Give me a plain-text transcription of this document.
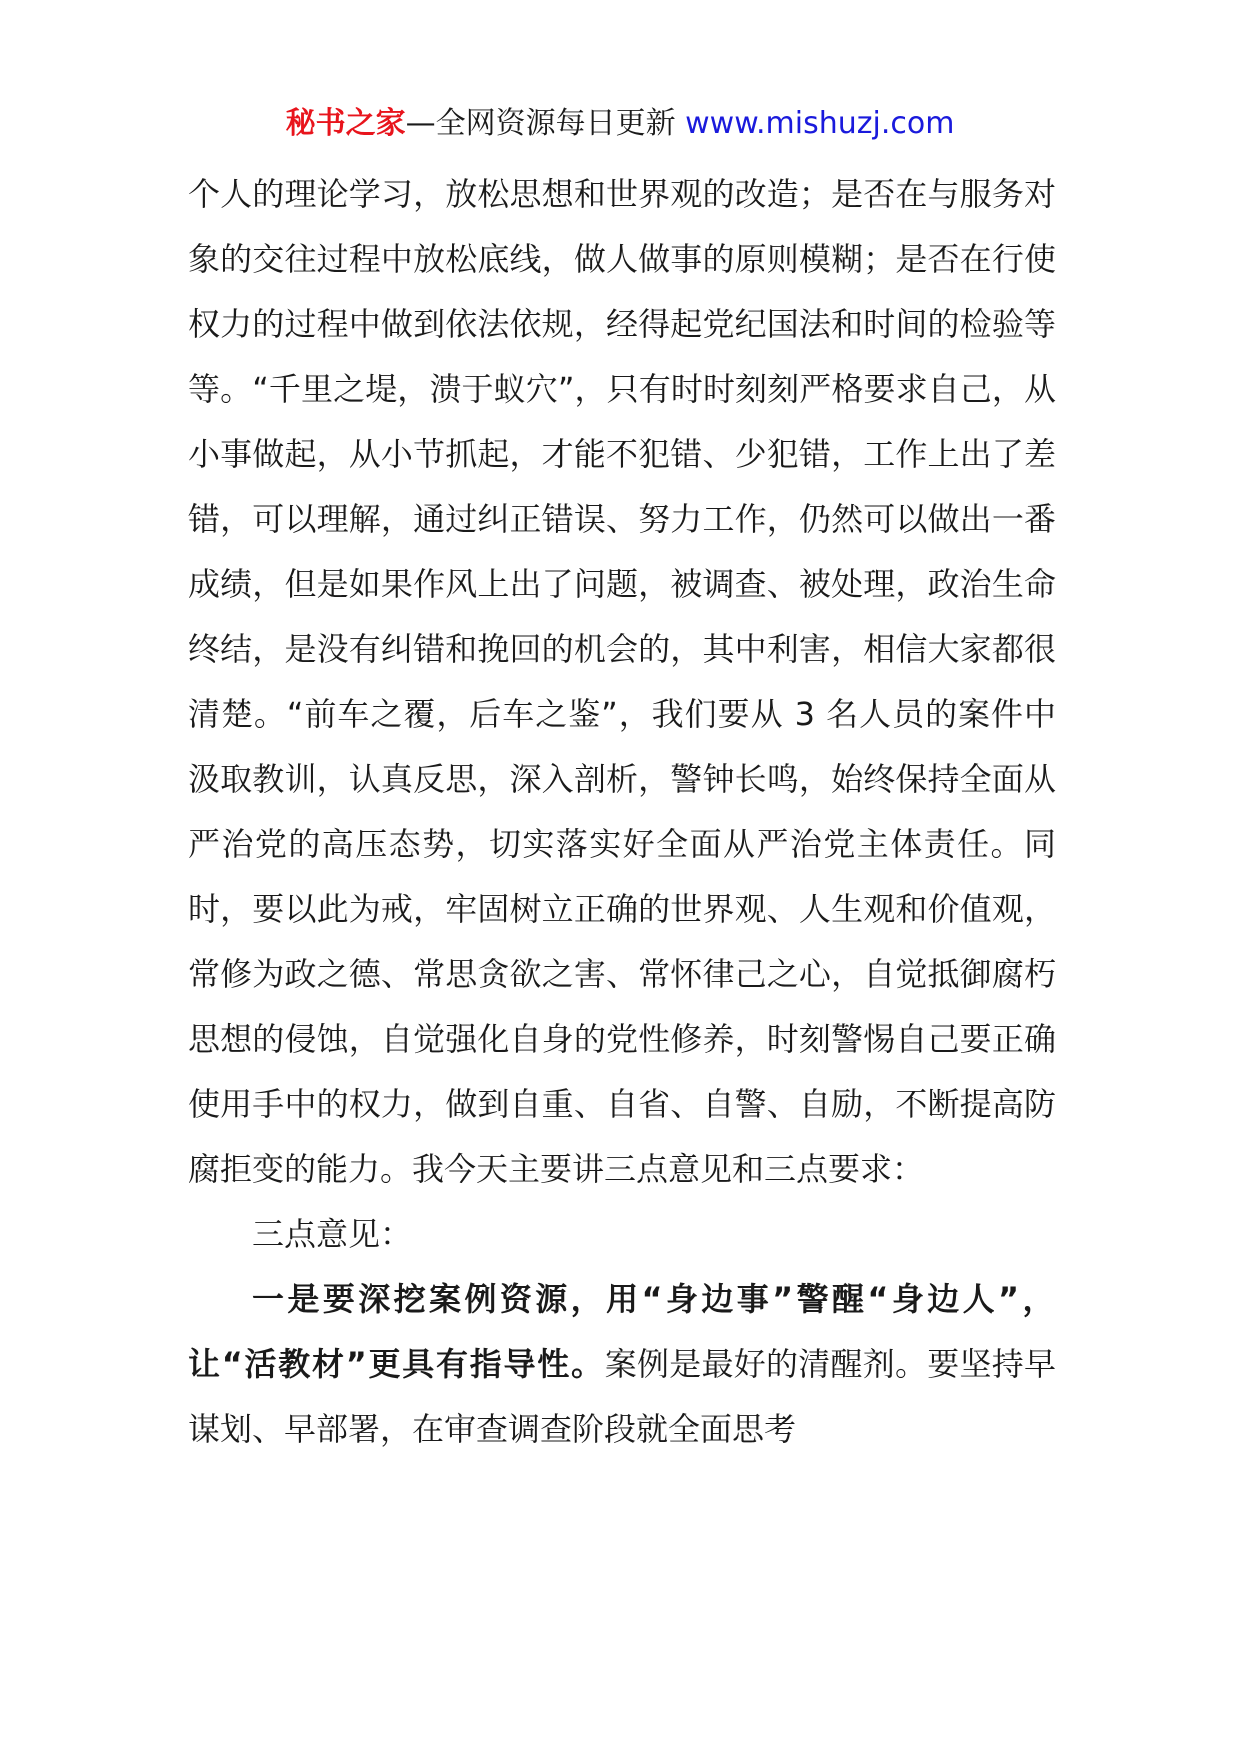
秘书之家—全网资源每日更新 www.mishuzj.com

个人的理论学习，放松思想和世界观的改造；是否在与服务对象的交往过程中放松底线，做人做事的原则模糊；是否在行使权力的过程中做到依法依规，经得起党纪国法和时间的检验等等。“千里之堤，溃于蚁穴”，只有时时刻刻严格要求自己，从小事做起，从小节抓起，才能不犯错、少犯错，工作上出了差错，可以理解，通过纠正错误、努力工作，仍然可以做出一番成绩，但是如果作风上出了问题，被调查、被处理，政治生命终结，是没有纠错和挽回的机会的，其中利害，相信大家都很清楚。“前车之覆，后车之鉴”，我们要从 3 名人员的案件中汲取教训，认真反思，深入剖析，警钟长鸣，始终保持全面从严治党的高压态势，切实落实好全面从严治党主体责任。同时，要以此为戒，牢固树立正确的世界观、人生观和价值观，常修为政之德、常思贪欲之害、常怀律己之心，自觉抵御腐朽思想的侵蚀，自觉强化自身的党性修养，时刻警惕自己要正确使用手中的权力，做到自重、自省、自警、自励，不断提高防腐拒变的能力。我今天主要讲三点意见和三点要求：

三点意见：

一是要深挖案例资源，用“身边事”警醒“身边人”，让“活教材”更具有指导性。案例是最好的清醒剂。要坚持早谋划、早部署，在审查调查阶段就全面思考
